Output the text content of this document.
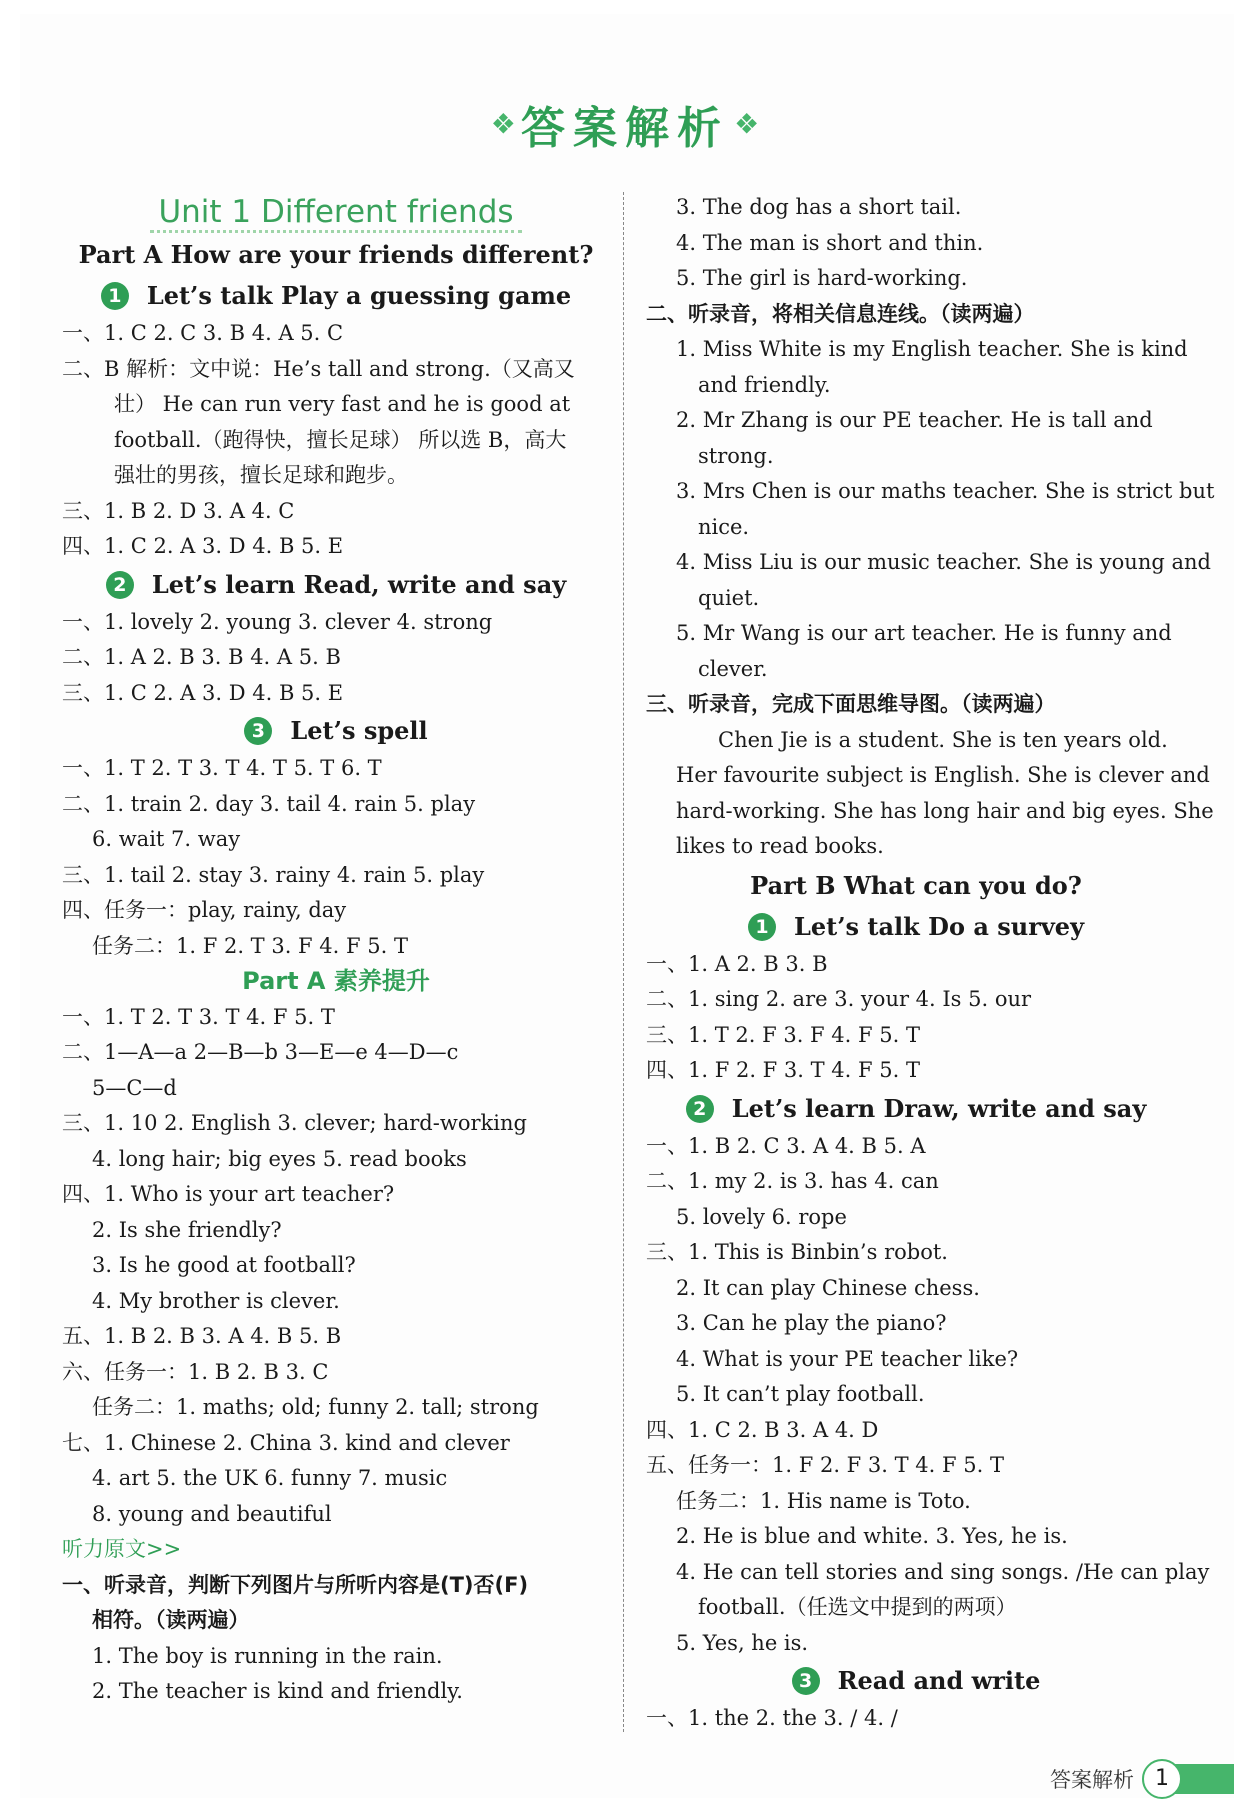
❖ 答案解析 ❖
Unit 1 Different friends
Part A How are your friends different?
1 Let’s talk Play a guessing game
一、1. C 2. C 3. B 4. A 5. C
二、B 解析：文中说：He’s tall and strong.（又高又
壮） He can run very fast and he is good at
football.（跑得快，擅长足球） 所以选 B，高大
强壮的男孩，擅长足球和跑步。
三、1. B 2. D 3. A 4. C
四、1. C 2. A 3. D 4. B 5. E
2 Let’s learn Read, write and say
一、1. lovely 2. young 3. clever 4. strong
二、1. A 2. B 3. B 4. A 5. B
三、1. C 2. A 3. D 4. B 5. E
3 Let’s spell
一、1. T 2. T 3. T 4. T 5. T 6. T
二、1. train 2. day 3. tail 4. rain 5. play
6. wait 7. way
三、1. tail 2. stay 3. rainy 4. rain 5. play
四、任务一：play, rainy, day
任务二：1. F 2. T 3. F 4. F 5. T
Part A 素养提升
一、1. T 2. T 3. T 4. F 5. T
二、1—A—a 2—B—b 3—E—e 4—D—c
5—C—d
三、1. 10 2. English 3. clever; hard-working
4. long hair; big eyes 5. read books
四、1. Who is your art teacher?
2. Is she friendly?
3. Is he good at football?
4. My brother is clever.
五、1. B 2. B 3. A 4. B 5. B
六、任务一：1. B 2. B 3. C
任务二：1. maths; old; funny 2. tall; strong
七、1. Chinese 2. China 3. kind and clever
4. art 5. the UK 6. funny 7. music
8. young and beautiful
听力原文>>
一、听录音，判断下列图片与所听内容是(T)否(F)
相符。（读两遍）
1. The boy is running in the rain.
2. The teacher is kind and friendly.
3. The dog has a short tail.
4. The man is short and thin.
5. The girl is hard-working.
二、听录音，将相关信息连线。（读两遍）
1. Miss White is my English teacher. She is kind
and friendly.
2. Mr Zhang is our PE teacher. He is tall and
strong.
3. Mrs Chen is our maths teacher. She is strict but
nice.
4. Miss Liu is our music teacher. She is young and
quiet.
5. Mr Wang is our art teacher. He is funny and
clever.
三、听录音，完成下面思维导图。（读两遍）
Chen Jie is a student. She is ten years old.
Her favourite subject is English. She is clever and
hard-working. She has long hair and big eyes. She
likes to read books.
Part B What can you do?
1 Let’s talk Do a survey
一、1. A 2. B 3. B
二、1. sing 2. are 3. your 4. Is 5. our
三、1. T 2. F 3. F 4. F 5. T
四、1. F 2. F 3. T 4. F 5. T
2 Let’s learn Draw, write and say
一、1. B 2. C 3. A 4. B 5. A
二、1. my 2. is 3. has 4. can
5. lovely 6. rope
三、1. This is Binbin’s robot.
2. It can play Chinese chess.
3. Can he play the piano?
4. What is your PE teacher like?
5. It can’t play football.
四、1. C 2. B 3. A 4. D
五、任务一：1. F 2. F 3. T 4. F 5. T
任务二：1. His name is Toto.
2. He is blue and white. 3. Yes, he is.
4. He can tell stories and sing songs. /He can play
football.（任选文中提到的两项）
5. Yes, he is.
3 Read and write
一、1. the 2. the 3. / 4. /
答案解析 1
